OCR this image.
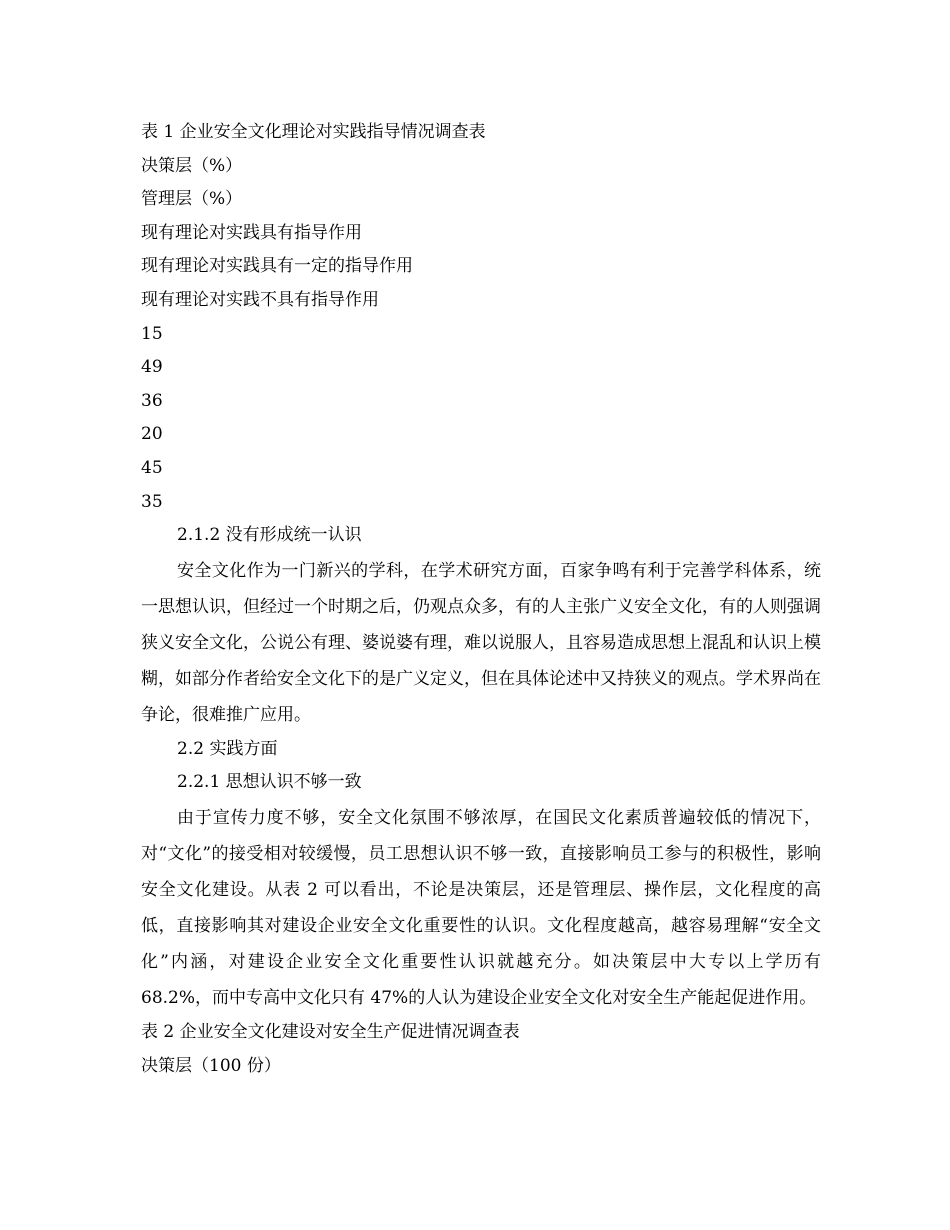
表 1 企业安全文化理论对实践指导情况调查表
决策层（%）
管理层（%）
现有理论对实践具有指导作用
现有理论对实践具有一定的指导作用
现有理论对实践不具有指导作用
15
49
36
20
45
35
2.1.2 没有形成统一认识

安全文化作为一门新兴的学科，在学术研究方面，百家争鸣有利于完善学科体系，统一思想认识，但经过一个时期之后，仍观点众多，有的人主张广义安全文化，有的人则强调狭义安全文化，公说公有理、婆说婆有理，难以说服人，且容易造成思想上混乱和认识上模糊，如部分作者给安全文化下的是广义定义，但在具体论述中又持狭义的观点。学术界尚在争论，很难推广应用。

2.2 实践方面
2.2.1 思想认识不够一致

由于宣传力度不够，安全文化氛围不够浓厚，在国民文化素质普遍较低的情况下，对“文化”的接受相对较缓慢，员工思想认识不够一致，直接影响员工参与的积极性，影响安全文化建设。从表 2 可以看出，不论是决策层，还是管理层、操作层，文化程度的高低，直接影响其对建设企业安全文化重要性的认识。文化程度越高，越容易理解“安全文化”内涵，对建设企业安全文化重要性认识就越充分。如决策层中大专以上学历有 68.2%，而中专高中文化只有 47%的人认为建设企业安全文化对安全生产能起促进作用。

表 2 企业安全文化建设对安全生产促进情况调查表
决策层（100 份）
